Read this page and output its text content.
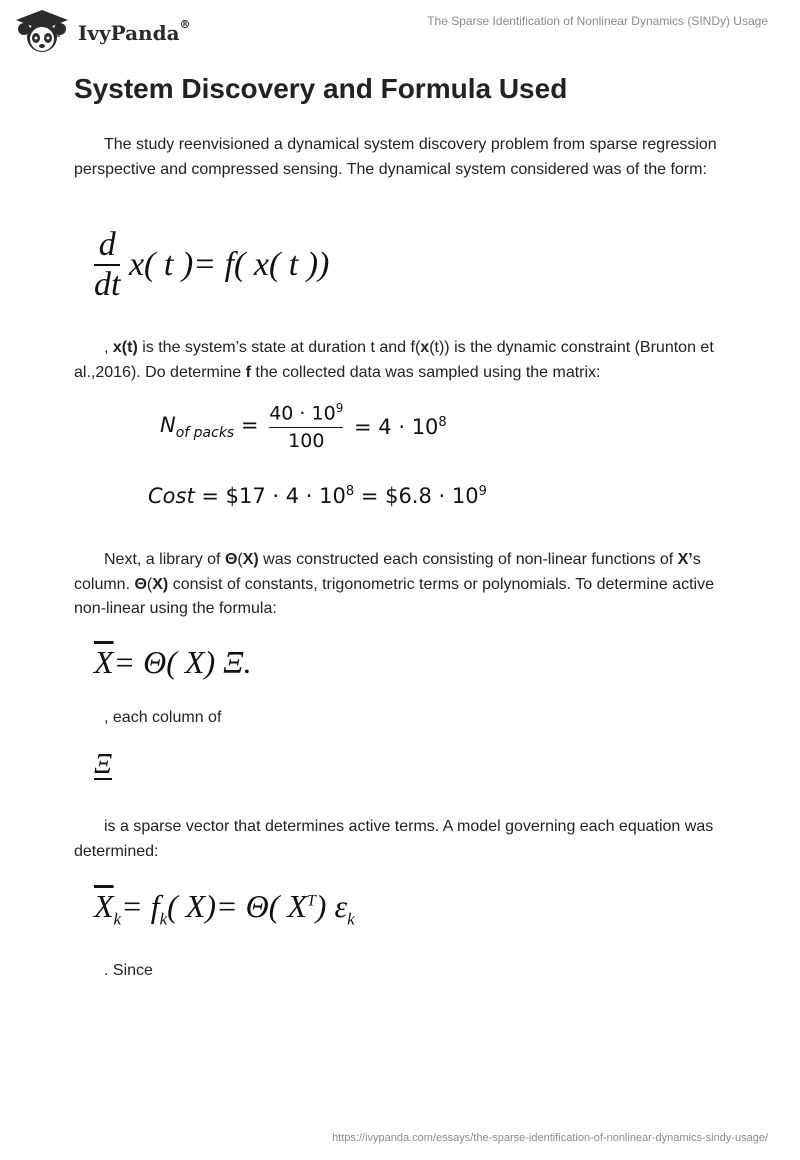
IvyPanda®	The Sparse Identification of Nonlinear Dynamics (SINDy) Usage
System Discovery and Formula Used

The study reenvisioned a dynamical system discovery problem from sparse regression perspective and compressed sensing. The dynamical system considered was of the form:

$\frac{d}{dt} x$( t )= f( x( t ))

, x(t) is the system’s state at duration t and f(x(t)) is the dynamic constraint (Brunton et al.,2016). Do determine f the collected data was sampled using the matrix:

$N_{of packs} = \frac{40 \cdot 10^9}{100} = 4 \cdot 10^8$
Cost = $17 · $4 \cdot 10^8$ = $6.8 · $10^9$

Next, a library of Θ(X) was constructed each consisting of non-linear functions of X’s column. Θ(X) consist of constants, trigonometric terms or polynomials. To determine active non-linear using the formula:

$\overline{X}= \Theta$( X) Ξ.

, each column of

Ξ

is a sparse vector that determines active terms. A model governing each equation was determined:

$\overline{X}_k= f_k$( X)= Θ( $X^T$) $\varepsilon_k$

. Since

https://ivypanda.com/essays/the-sparse-identification-of-nonlinear-dynamics-sindy-usage/
